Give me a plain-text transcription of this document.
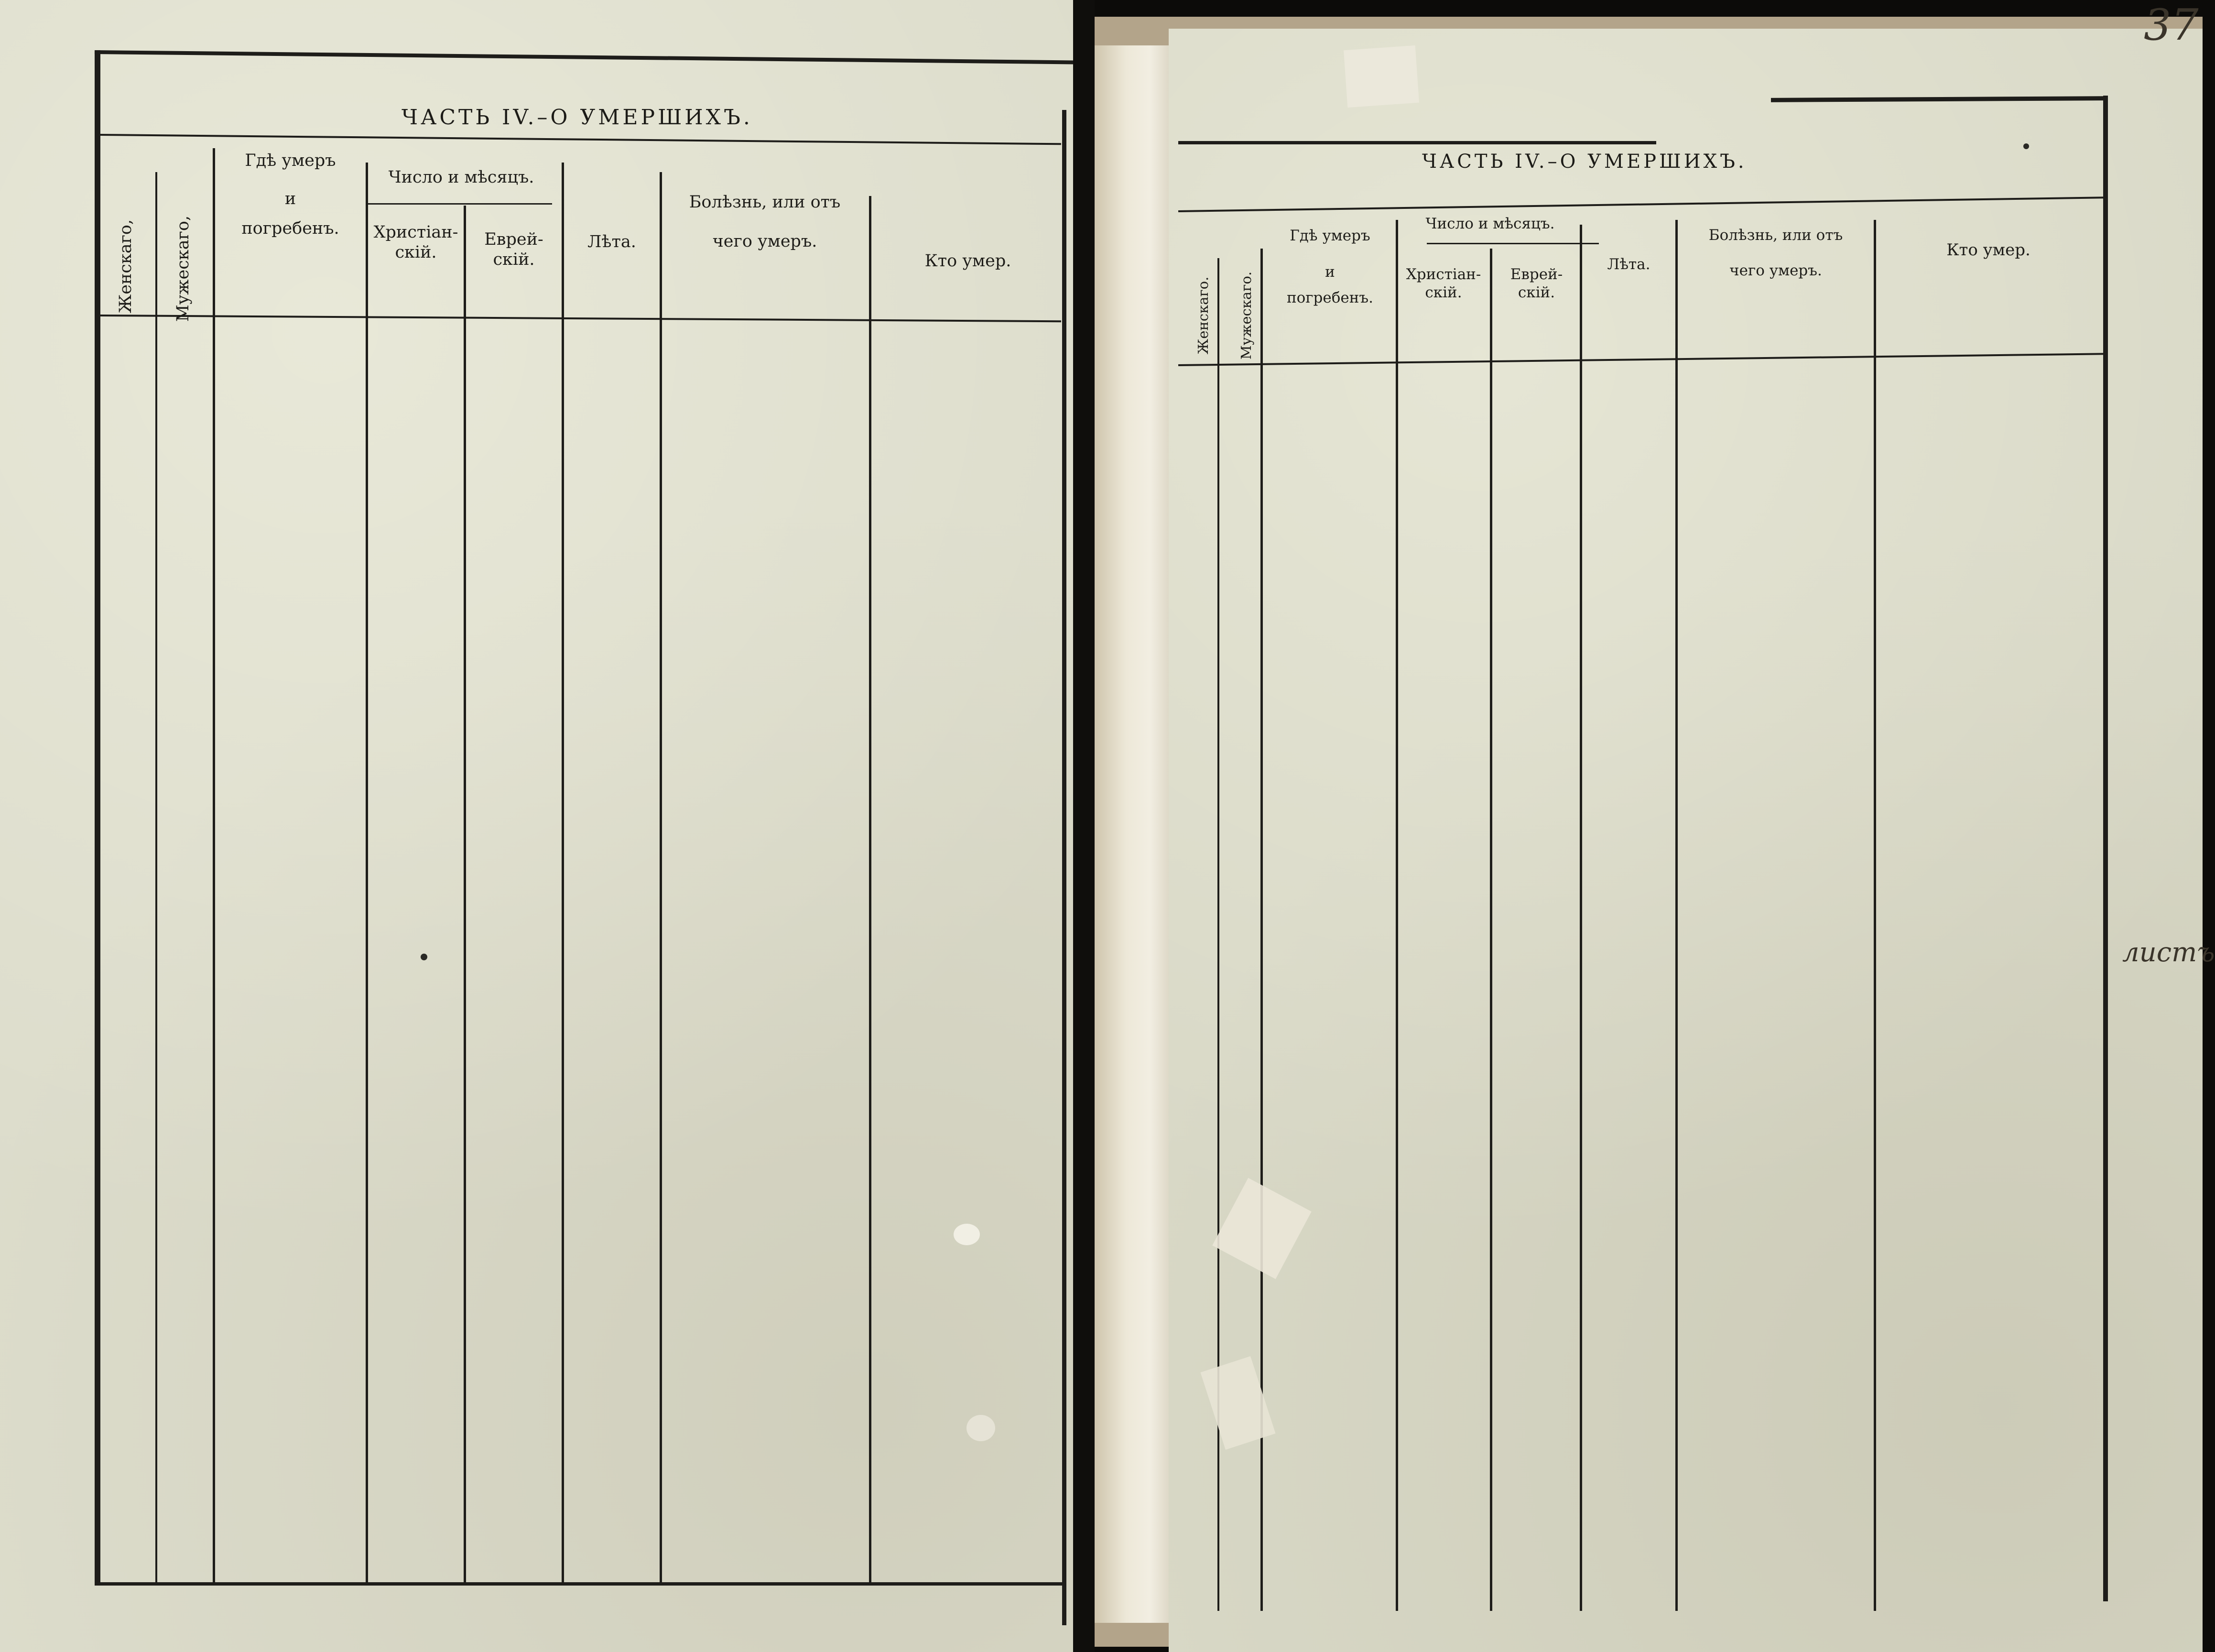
ЧАСТЬ IV.–О УМЕРШИХЪ.
Женскаго, Мужескаго,
Гдѣ умеръ
и
погребенъ.
Число и мѣсяцъ.
Христіан-
скій.
Еврей-
скій.
Лѣта.
Болѣзнь, или отъ
чего умеръ.
Кто умер.
ЧАСТЬ IV.–О УМЕРШИХЪ.
Женскаго. Мужескаго.
Гдѣ умеръ
и
погребенъ.
Число и мѣсяцъ.
Христіан-
скій.
Еврей-
скій.
Лѣта.
Болѣзнь, или отъ
чего умеръ.
Кто умер.
37
листъ
